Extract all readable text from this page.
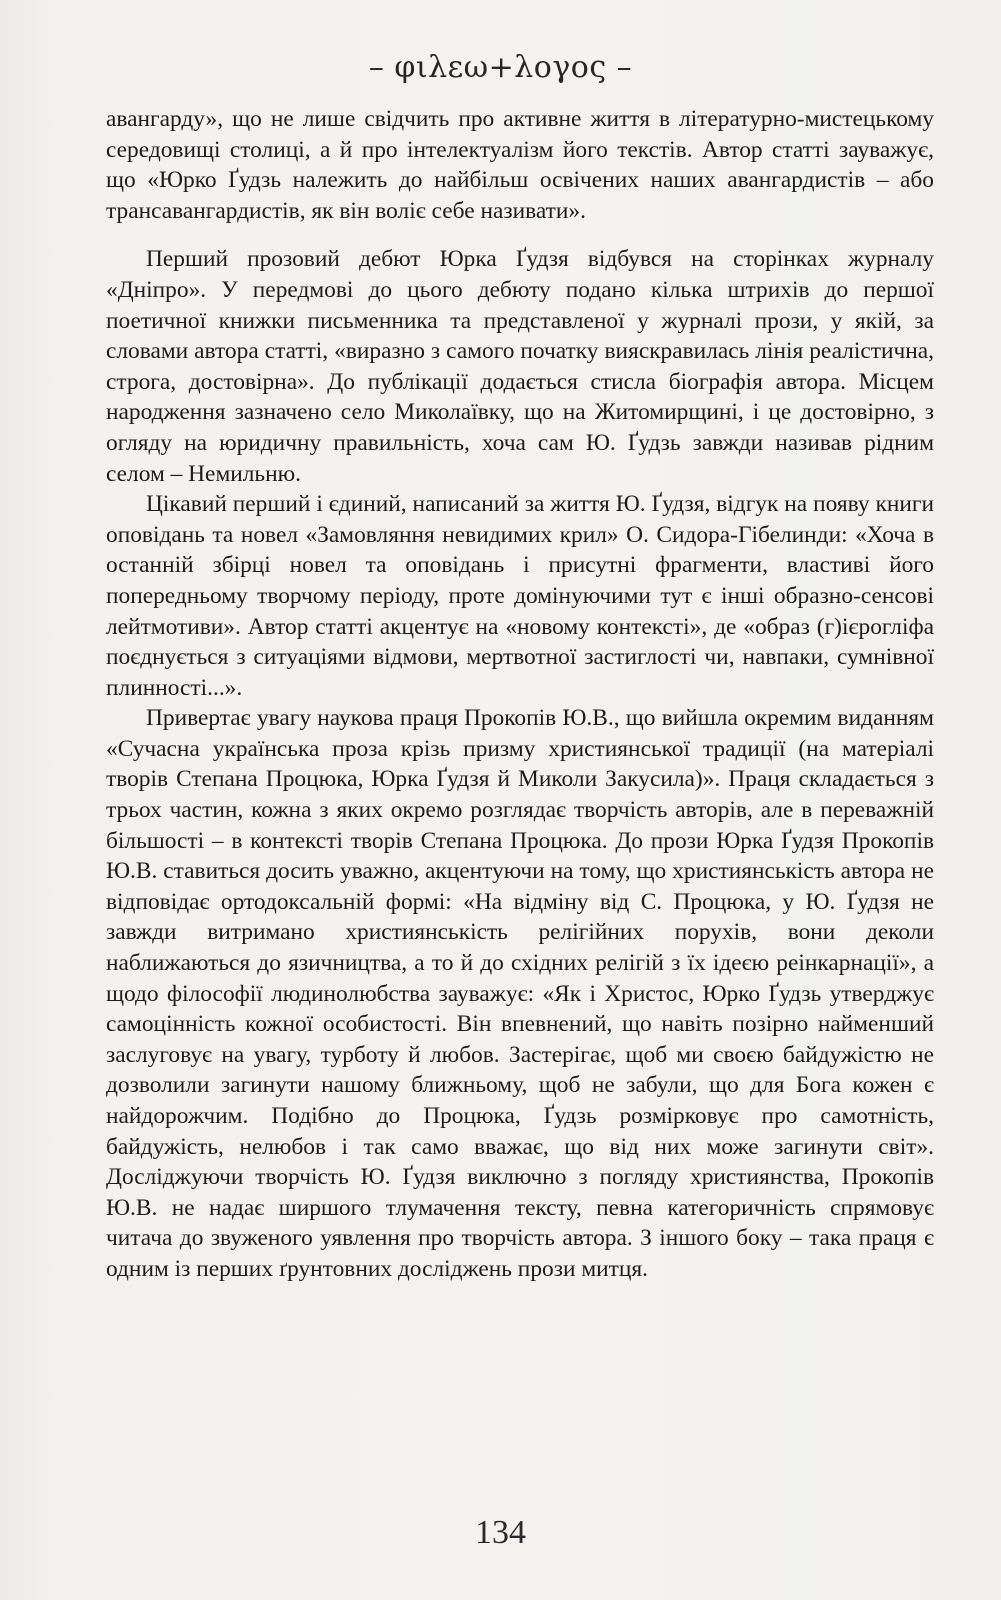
– φιλεω+λογος –

авангарду», що не лише свідчить про активне життя в літературно-мистецькому середовищі столиці, а й про інтелектуалізм його текстів. Автор статті зауважує, що «Юрко Ґудзь належить до найбільш освічених наших авангардистів – або трансавангардистів, як він воліє себе називати».

Перший прозовий дебют Юрка Ґудзя відбувся на сторінках журналу «Дніпро». У передмові до цього дебюту подано кілька штрихів до першої поетичної книжки письменника та представленої у журналі прози, у якій, за словами автора статті, «виразно з самого початку вияскравилась лінія реалістична, строга, достовірна». До публікації додається стисла біографія автора. Місцем народження зазначено село Миколаївку, що на Житомирщині, і це достовірно, з огляду на юридичну правильність, хоча сам Ю. Ґудзь завжди називав рідним селом – Немильню.

Цікавий перший і єдиний, написаний за життя Ю. Ґудзя, відгук на появу книги оповідань та новел «Замовляння невидимих крил» О. Сидора-Гібелинди: «Хоча в останній збірці новел та оповідань і присутні фрагменти, властиві його попередньому творчому періоду, проте домінуючими тут є інші образно-сенсові лейтмотиви». Автор статті акцентує на «новому контексті», де «образ (г)ієрогліфа поєднується з ситуаціями відмови, мертвотної застиглості чи, навпаки, сумнівної плинності...».

Привертає увагу наукова праця Прокопів Ю.В., що вийшла окремим виданням «Сучасна українська проза крізь призму християнської традиції (на матеріалі творів Степана Процюка, Юрка Ґудзя й Миколи Закусила)». Праця складається з трьох частин, кожна з яких окремо розглядає творчість авторів, але в переважній більшості – в контексті творів Степана Процюка. До прози Юрка Ґудзя Прокопів Ю.В. ставиться досить уважно, акцентуючи на тому, що християнськість автора не відповідає ортодоксальній формі: «На відміну від С. Процюка, у Ю. Ґудзя не завжди витримано християнськість релігійних поруxів, вони деколи наближаються до язичництва, а то й до східних релігій з їх ідеєю реінкарнації», а щодо філософії людинолюбства зауважує: «Як і Христос, Юрко Ґудзь утверджує самоцінність кожної особистості. Він впевнений, що навіть позірно найменший заслуговує на увагу, турботу й любов. Застерігає, щоб ми своєю байдужістю не дозволили загинути нашому ближньому, щоб не забули, що для Бога кожен є найдорожчим. Подібно до Процюка, Ґудзь розмірковує про самотність, байдужість, нелюбов і так само вважає, що від них може загинути світ». Досліджуючи творчість Ю. Ґудзя виключно з погляду християнства, Прокопів Ю.В. не надає ширшого тлумачення тексту, певна категоричність спрямовує читача до звуженого уявлення про творчість автора. З іншого боку – така праця є одним із перших ґрунтовних досліджень прози митця.

134
